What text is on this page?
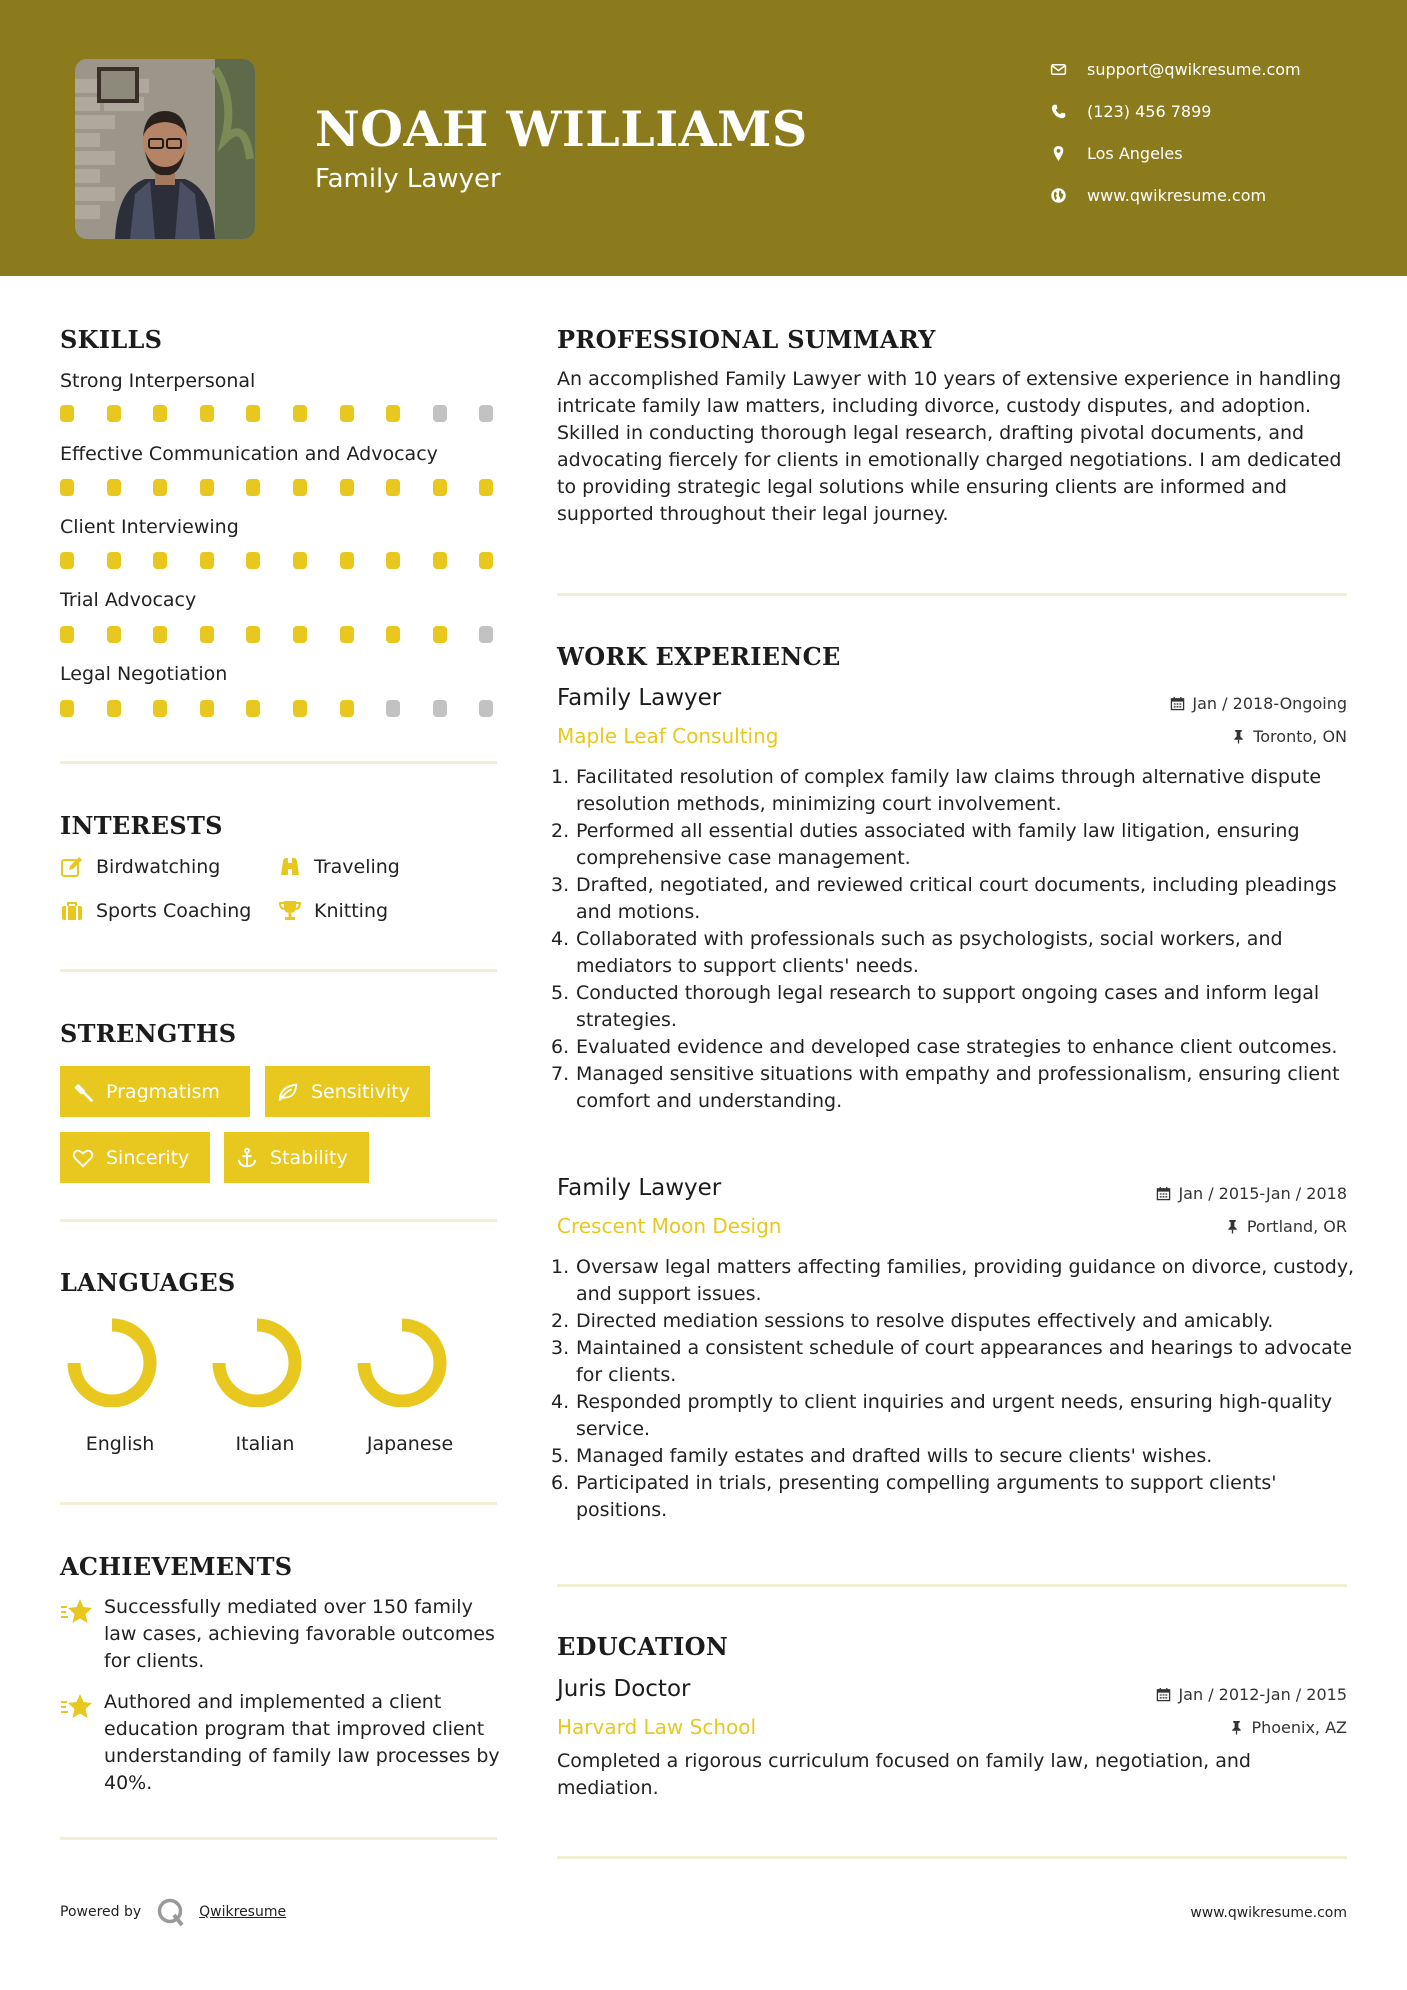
NOAH WILLIAMS
Family Lawyer
support@qwikresume.com
(123) 456 7899
Los Angeles
www.qwikresume.com
SKILLS
Strong Interpersonal
Effective Communication and Advocacy
Client Interviewing
Trial Advocacy
Legal Negotiation
INTERESTS
Birdwatching	Traveling
Sports Coaching	Knitting
STRENGTHS
Pragmatism	Sensitivity
Sincerity	Stability
LANGUAGES
English	Italian	Japanese
ACHIEVEMENTS
Successfully mediated over 150 family law cases, achieving favorable outcomes for clients.
Authored and implemented a client education program that improved client understanding of family law processes by 40%.
PROFESSIONAL SUMMARY
An accomplished Family Lawyer with 10 years of extensive experience in handling intricate family law matters, including divorce, custody disputes, and adoption. Skilled in conducting thorough legal research, drafting pivotal documents, and advocating fiercely for clients in emotionally charged negotiations. I am dedicated to providing strategic legal solutions while ensuring clients are informed and supported throughout their legal journey.
WORK EXPERIENCE
Family Lawyer	Jan / 2018-Ongoing
Maple Leaf Consulting	Toronto, ON
1. Facilitated resolution of complex family law claims through alternative dispute resolution methods, minimizing court involvement.
2. Performed all essential duties associated with family law litigation, ensuring comprehensive case management.
3. Drafted, negotiated, and reviewed critical court documents, including pleadings and motions.
4. Collaborated with professionals such as psychologists, social workers, and mediators to support clients' needs.
5. Conducted thorough legal research to support ongoing cases and inform legal strategies.
6. Evaluated evidence and developed case strategies to enhance client outcomes.
7. Managed sensitive situations with empathy and professionalism, ensuring client comfort and understanding.
Family Lawyer	Jan / 2015-Jan / 2018
Crescent Moon Design	Portland, OR
1. Oversaw legal matters affecting families, providing guidance on divorce, custody, and support issues.
2. Directed mediation sessions to resolve disputes effectively and amicably.
3. Maintained a consistent schedule of court appearances and hearings to advocate for clients.
4. Responded promptly to client inquiries and urgent needs, ensuring high-quality service.
5. Managed family estates and drafted wills to secure clients' wishes.
6. Participated in trials, presenting compelling arguments to support clients' positions.
EDUCATION
Juris Doctor	Jan / 2012-Jan / 2015
Harvard Law School	Phoenix, AZ
Completed a rigorous curriculum focused on family law, negotiation, and mediation.
Powered by	Qwikresume	www.qwikresume.com
